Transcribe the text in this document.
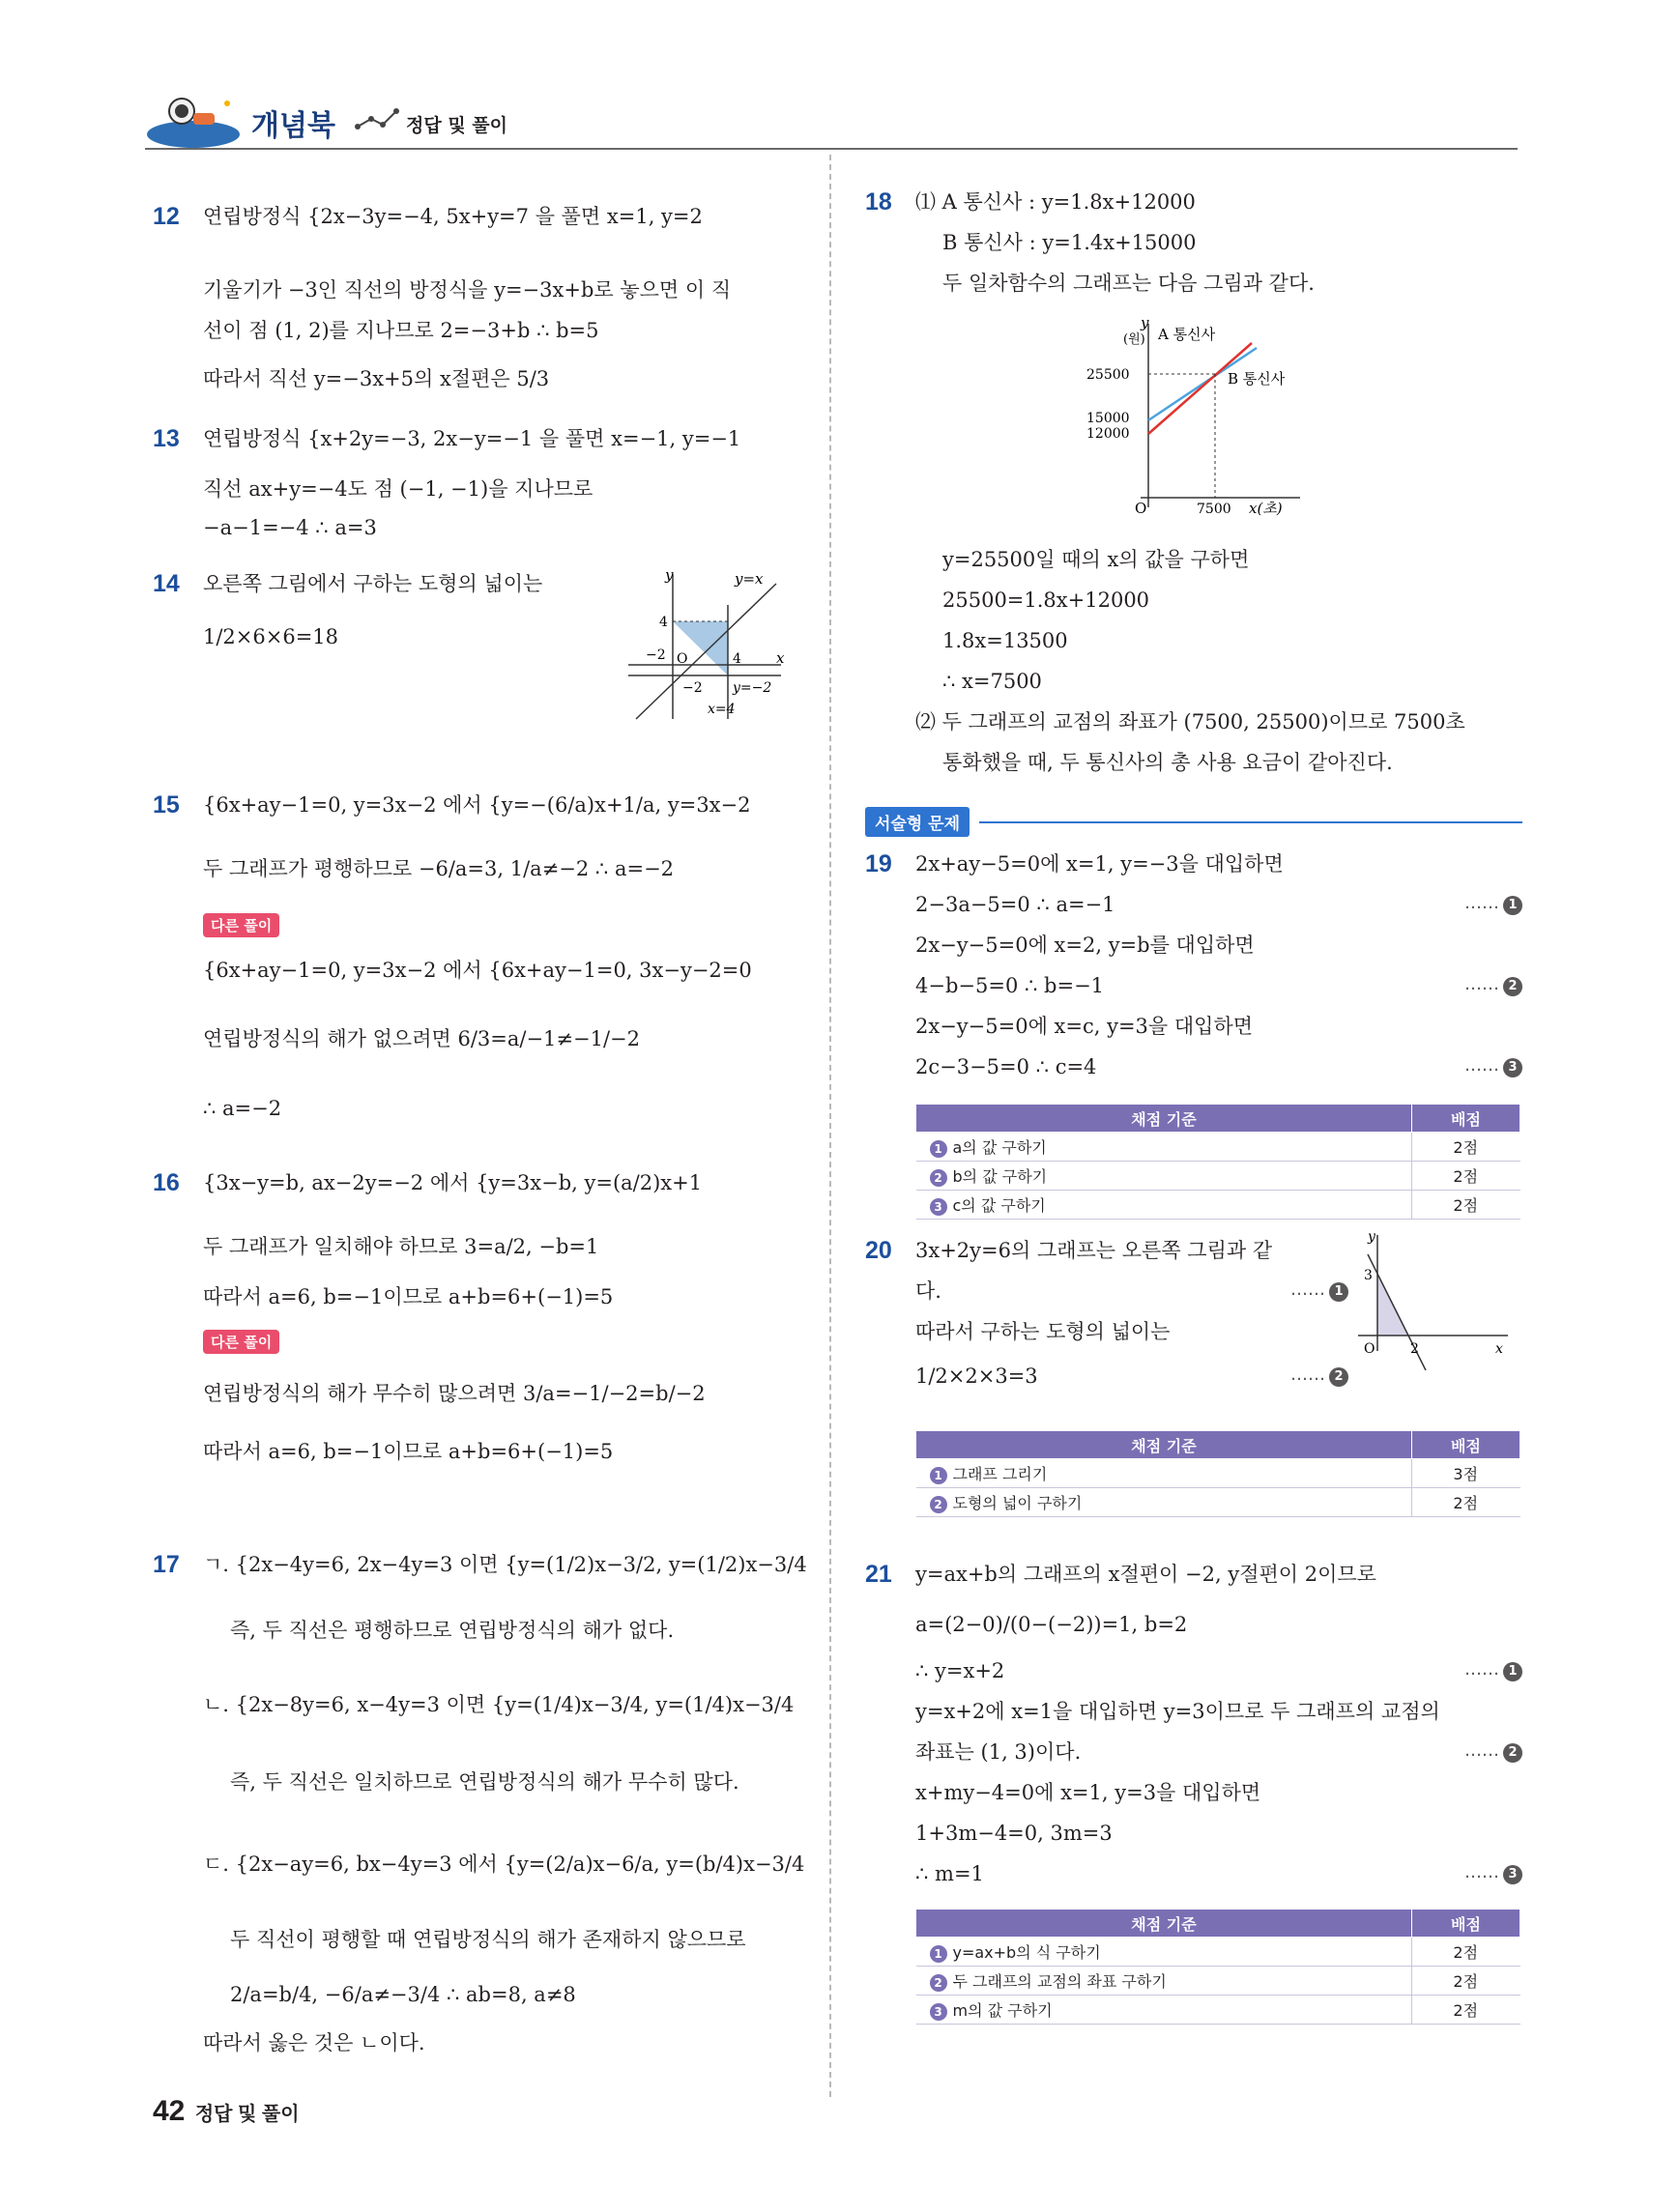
개념북	정답 및 풀이
12 연립방정식 {2x−3y=−4, 5x+y=7 을 풀면 x=1, y=2
기울기가 −3인 직선의 방정식을 y=−3x+b로 놓으면 이 직
선이 점 (1, 2)를 지나므로 2=−3+b ∴ b=5
따라서 직선 y=−3x+5의 x절편은 5/3
13 연립방정식 {x+2y=−3, 2x−y=−1 을 풀면 x=−1, y=−1
직선 ax+y=−4도 점 (−1, −1)을 지나므로
−a−1=−4 ∴ a=3
14 오른쪽 그림에서 구하는 도형의 넓이는
1/2×6×6=18
y	y=x
4
−2 O	4 x
−2 y=−2
x=4
15 {6x+ay−1=0, y=3x−2 에서 {y=−(6/a)x+1/a, y=3x−2
두 그래프가 평행하므로 −6/a=3, 1/a≠−2 ∴ a=−2
다른 풀이
{6x+ay−1=0, y=3x−2 에서 {6x+ay−1=0, 3x−y−2=0
연립방정식의 해가 없으려면 6/3=a/−1≠−1/−2
∴ a=−2
16 {3x−y=b, ax−2y=−2 에서 {y=3x−b, y=(a/2)x+1
두 그래프가 일치해야 하므로 3=a/2, −b=1
따라서 a=6, b=−1이므로 a+b=6+(−1)=5
다른 풀이
연립방정식의 해가 무수히 많으려면 3/a=−1/−2=b/−2
따라서 a=6, b=−1이므로 a+b=6+(−1)=5
17 ㄱ. {2x−4y=6, 2x−4y=3 이면 {y=(1/2)x−3/2, y=(1/2)x−3/4
즉, 두 직선은 평행하므로 연립방정식의 해가 없다.
ㄴ. {2x−8y=6, x−4y=3 이면 {y=(1/4)x−3/4, y=(1/4)x−3/4
즉, 두 직선은 일치하므로 연립방정식의 해가 무수히 많다.
ㄷ. {2x−ay=6, bx−4y=3 에서 {y=(2/a)x−6/a, y=(b/4)x−3/4
두 직선이 평행할 때 연립방정식의 해가 존재하지 않으므로
2/a=b/4, −6/a≠−3/4 ∴ ab=8, a≠8
따라서 옳은 것은 ㄴ이다.
18 ⑴ A 통신사 : y=1.8x+12000
B 통신사 : y=1.4x+15000
두 일차함수의 그래프는 다음 그림과 같다.
y
(원) A 통신사
B 통신사
25500
15000
12000
O	7500 x(초)
y=25500일 때의 x의 값을 구하면
25500=1.8x+12000
1.8x=13500
∴ x=7500
⑵ 두 그래프의 교점의 좌표가 (7500, 25500)이므로 7500초
통화했을 때, 두 통신사의 총 사용 요금이 같아진다.
서술형 문제
19 2x+ay−5=0에 x=1, y=−3을 대입하면
2−3a−5=0 ∴ a=−1	…… 1
2x−y−5=0에 x=2, y=b를 대입하면
4−b−5=0 ∴ b=−1	…… 2
2x−y−5=0에 x=c, y=3을 대입하면
2c−3−5=0 ∴ c=4	…… 3
채점 기준	배점
1 a의 값 구하기	2점
2 b의 값 구하기	2점
3 c의 값 구하기	2점
20 3x+2y=6의 그래프는 오른쪽 그림과 같
다.	…… 1
따라서 구하는 도형의 넓이는
1/2×2×3=3	…… 2
y
3
O	2	x
채점 기준	배점
1 그래프 그리기	3점
2 도형의 넓이 구하기	2점
21 y=ax+b의 그래프의 x절편이 −2, y절편이 2이므로
a=(2−0)/(0−(−2))=1, b=2
∴ y=x+2	…… 1
y=x+2에 x=1을 대입하면 y=3이므로 두 그래프의 교점의
좌표는 (1, 3)이다.	…… 2
x+my−4=0에 x=1, y=3을 대입하면
1+3m−4=0, 3m=3
∴ m=1	…… 3
채점 기준	배점
1 y=ax+b의 식 구하기	2점
2 두 그래프의 교점의 좌표 구하기	2점
3 m의 값 구하기	2점
42 정답 및 풀이
